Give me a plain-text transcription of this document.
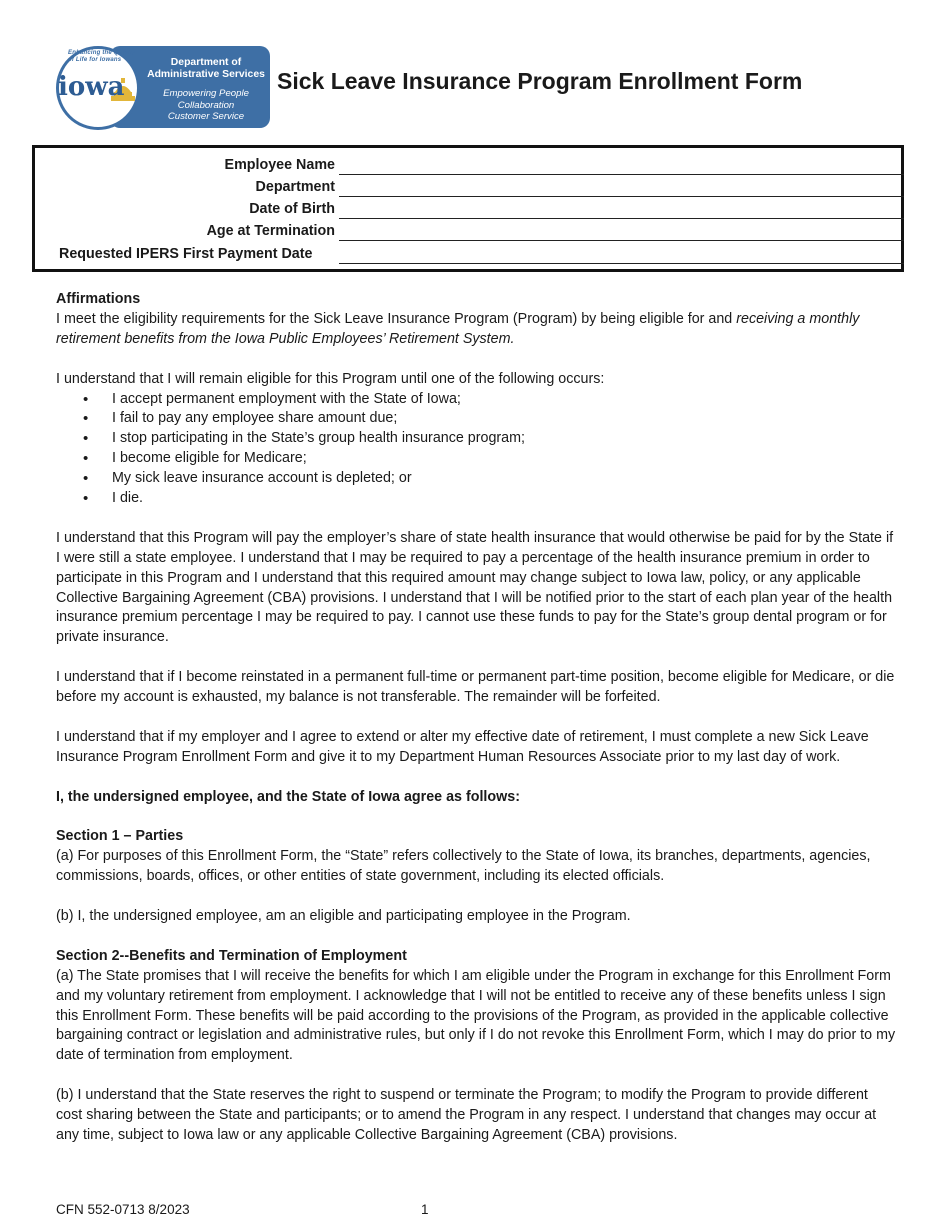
Enhancing the Quality of Life for Iowans
iowa
Department of
Administrative Services
Empowering People
Collaboration
Customer Service
Sick Leave Insurance Program Enrollment Form
Employee Name
Department
Date of Birth
Age at Termination
Requested IPERS First Payment Date

Affirmations

I meet the eligibility requirements for the Sick Leave Insurance Program (Program) by being eligible for and receiving a monthly retirement benefits from the Iowa Public Employees’ Retirement System.

I understand that I will remain eligible for this Program until one of the following occurs:

• I accept permanent employment with the State of Iowa;
• I fail to pay any employee share amount due;
• I stop participating in the State’s group health insurance program;
• I become eligible for Medicare;
• My sick leave insurance account is depleted; or
• I die.

I understand that this Program will pay the employer’s share of state health insurance that would otherwise be paid for by the State if I were still a state employee. I understand that I may be required to pay a percentage of the health insurance premium in order to participate in this Program and I understand that this required amount may change subject to Iowa law, policy, or any applicable Collective Bargaining Agreement (CBA) provisions. I understand that I will be notified prior to the start of each plan year of the health insurance premium percentage I may be required to pay. I cannot use these funds to pay for the State’s group dental program or for private insurance.

I understand that if I become reinstated in a permanent full-time or permanent part-time position, become eligible for Medicare, or die before my account is exhausted, my balance is not transferable. The remainder will be forfeited.

I understand that if my employer and I agree to extend or alter my effective date of retirement, I must complete a new Sick Leave Insurance Program Enrollment Form and give it to my Department Human Resources Associate prior to my last day of work.

I, the undersigned employee, and the State of Iowa agree as follows:

Section 1 – Parties

(a) For purposes of this Enrollment Form, the “State” refers collectively to the State of Iowa, its branches, departments, agencies, commissions, boards, offices, or other entities of state government, including its elected officials.

(b) I, the undersigned employee, am an eligible and participating employee in the Program.

Section 2--Benefits and Termination of Employment

(a) The State promises that I will receive the benefits for which I am eligible under the Program in exchange for this Enrollment Form and my voluntary retirement from employment. I acknowledge that I will not be entitled to receive any of these benefits unless I sign this Enrollment Form. These benefits will be paid according to the provisions of the Program, as provided in the applicable collective bargaining contract or legislation and administrative rules, but only if I do not revoke this Enrollment Form, which I may do prior to my date of termination from employment.

(b) I understand that the State reserves the right to suspend or terminate the Program; to modify the Program to provide different cost sharing between the State and participants; or to amend the Program in any respect. I understand that changes may occur at any time, subject to Iowa law or any applicable Collective Bargaining Agreement (CBA) provisions.

CFN 552-0713 8/2023	1
